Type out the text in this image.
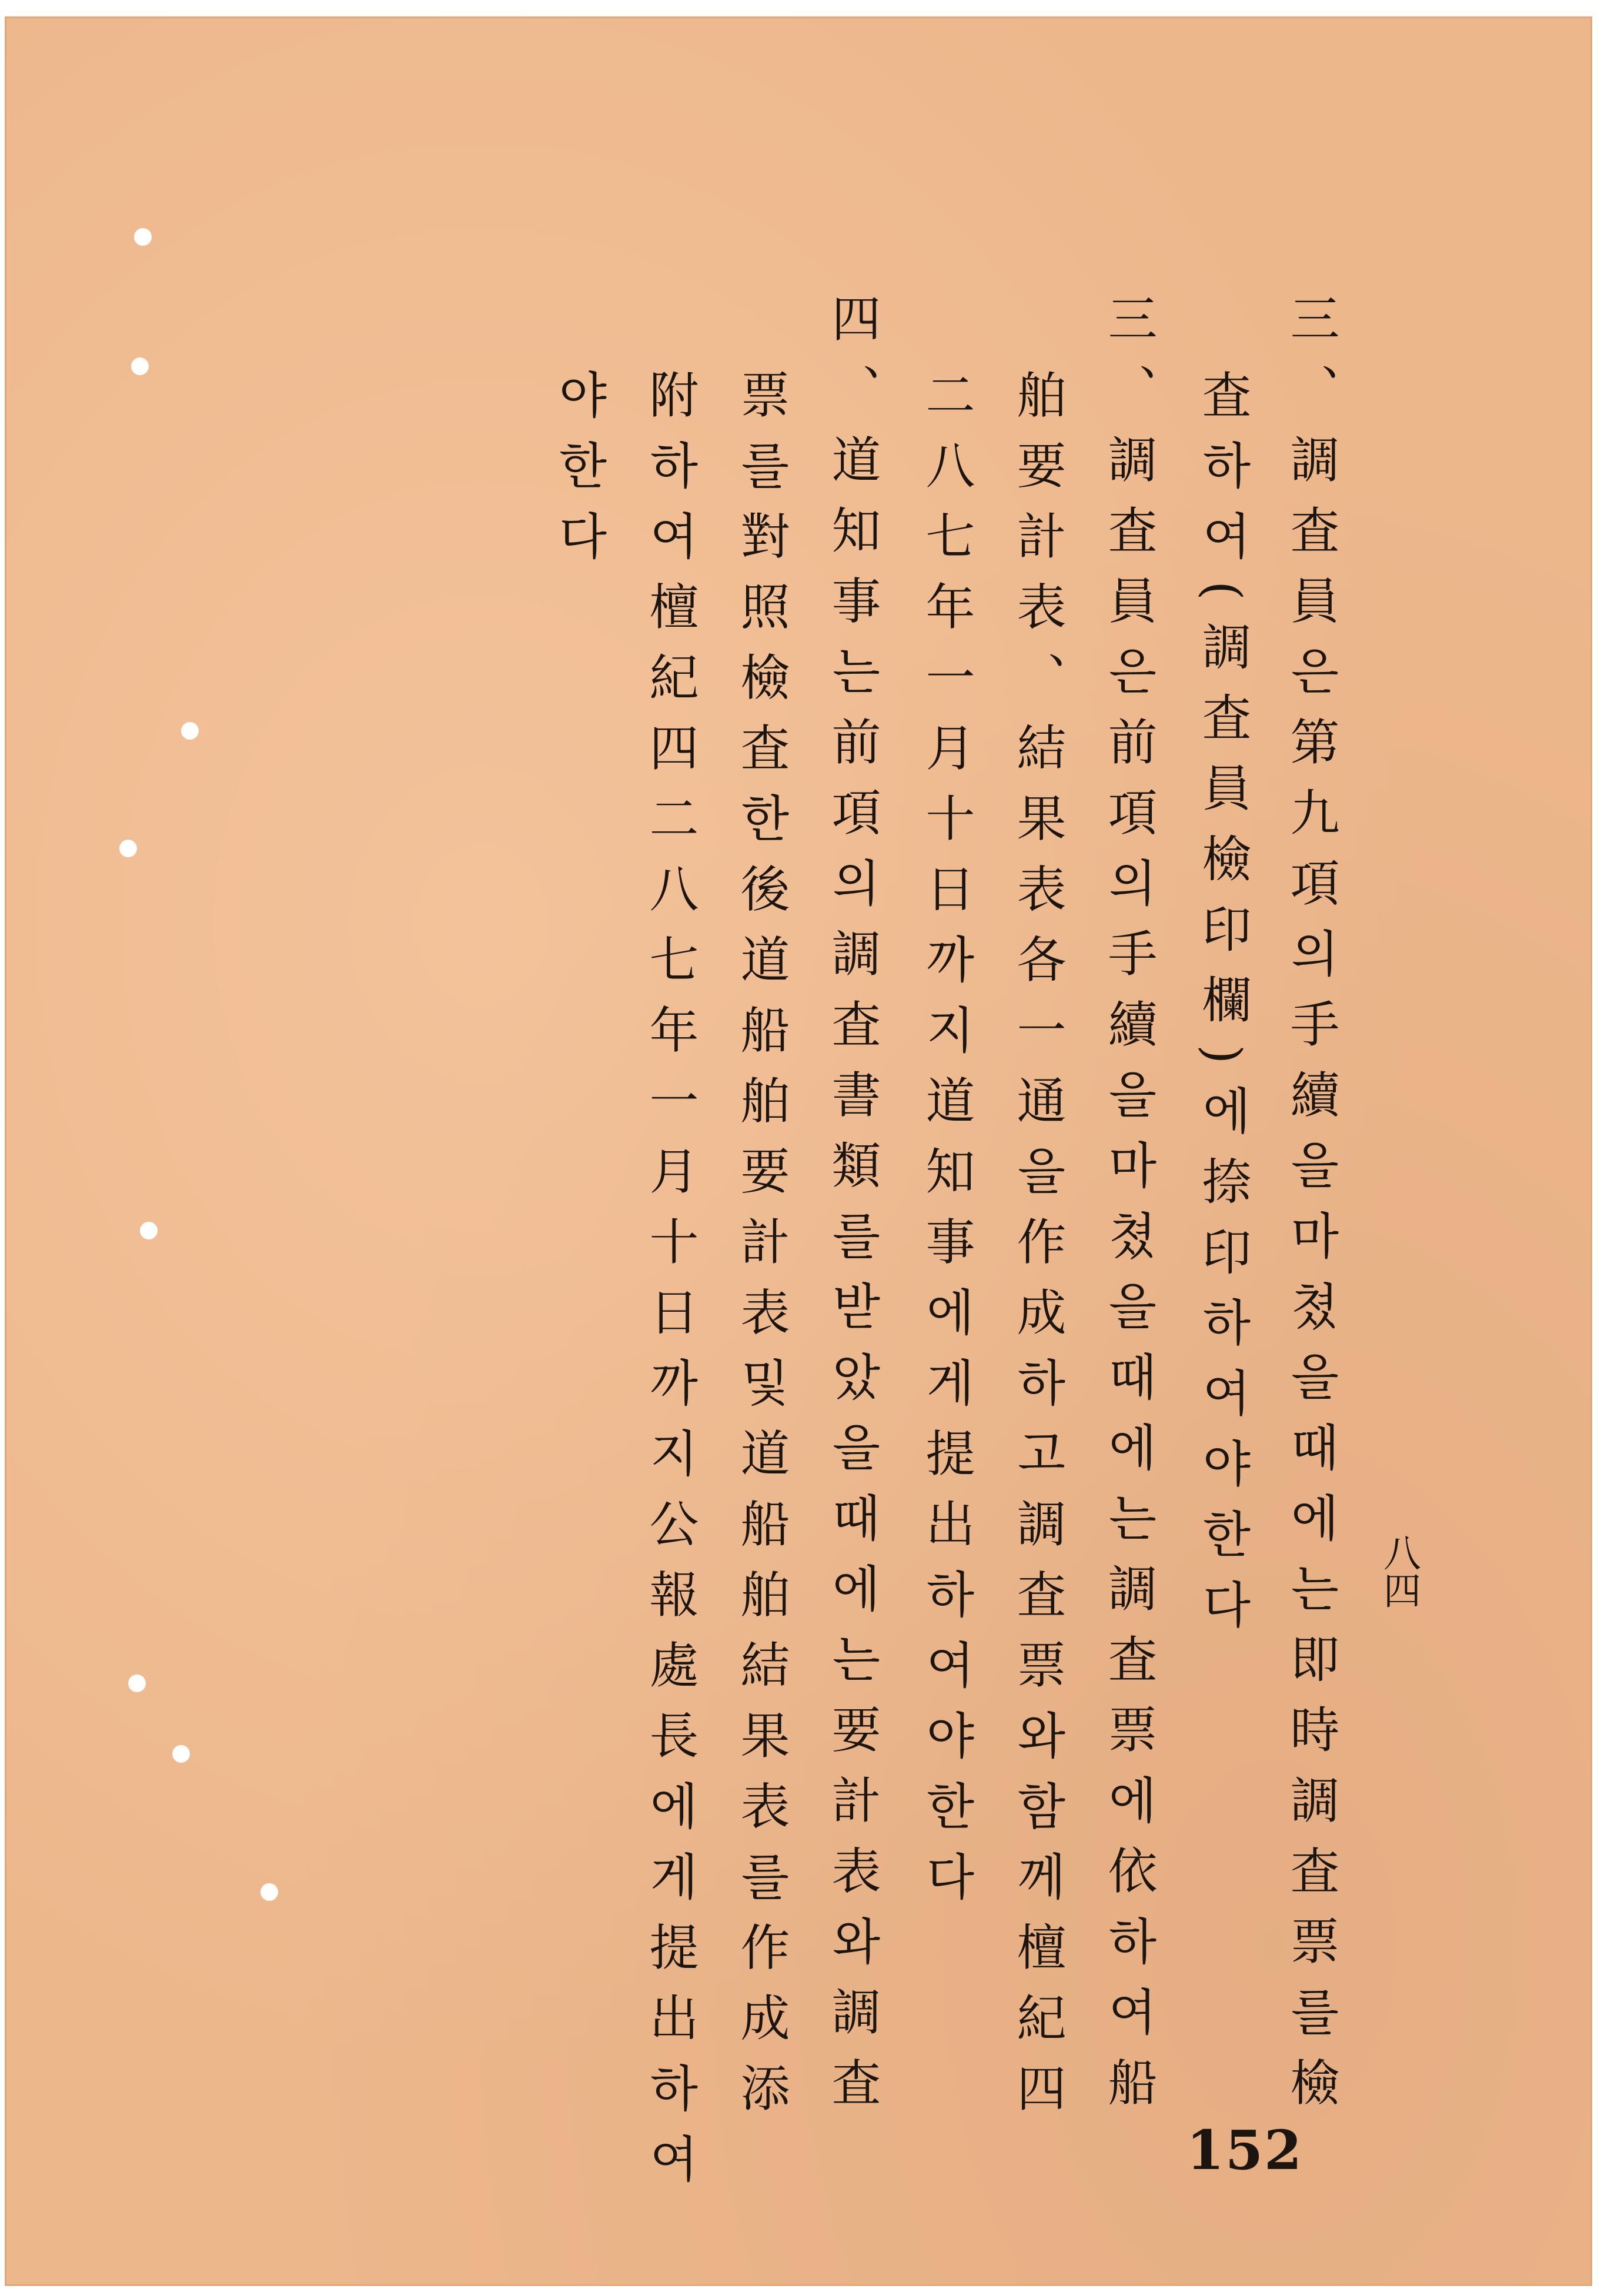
三、調査員은第九項의手續을마쳤을때에는即時調査票를檢
査하여(調査員檢印欄)에捺印하여야한다
三、調査員은前項의手續을마쳤을때에는調査票에依하여船
舶要計表、結果表各一通을作成하고調査票와함께檀紀四
二八七年一月十日까지道知事에게提出하여야한다
四、道知事는前項의調査書類를받았을때에는要計表와調査
票를對照檢査한後道船舶要計表및道船舶結果表를作成添
附하여檀紀四二八七年一月十日까지公報處長에게提出하여
야한다
八四
152
